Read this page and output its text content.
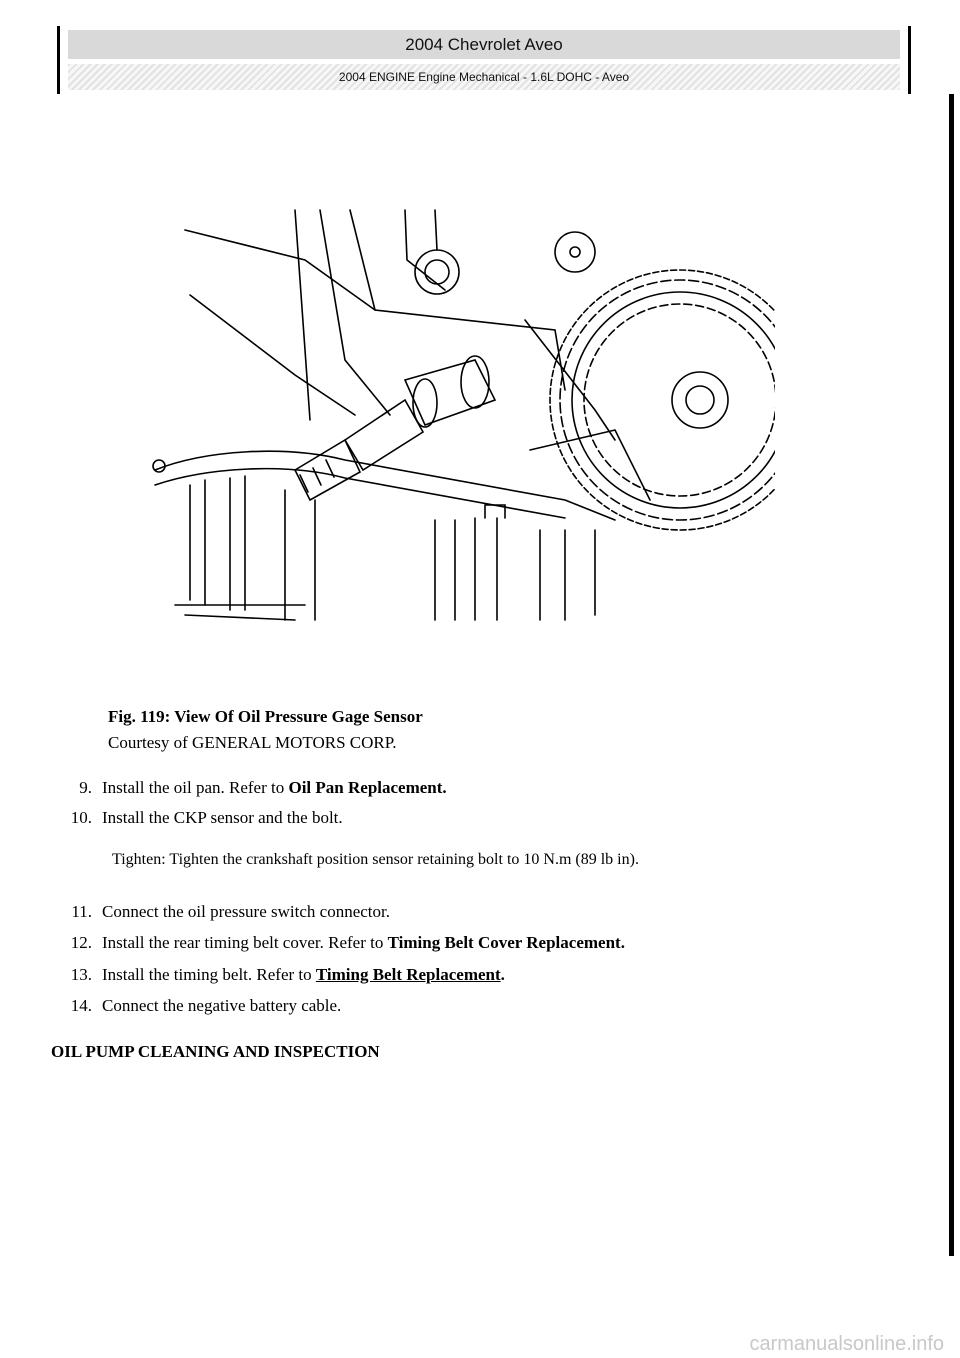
2004 Chevrolet Aveo
2004 ENGINE Engine Mechanical - 1.6L DOHC - Aveo
Fig. 119: View Of Oil Pressure Gage Sensor
Courtesy of GENERAL MOTORS CORP.
9. Install the oil pan. Refer to Oil Pan Replacement.
10. Install the CKP sensor and the bolt.
Tighten: Tighten the crankshaft position sensor retaining bolt to 10 N.m (89 lb in).
11. Connect the oil pressure switch connector.
12. Install the rear timing belt cover. Refer to Timing Belt Cover Replacement.
13. Install the timing belt. Refer to Timing Belt Replacement.
14. Connect the negative battery cable.
OIL PUMP CLEANING AND INSPECTION
carmanualsonline.info
